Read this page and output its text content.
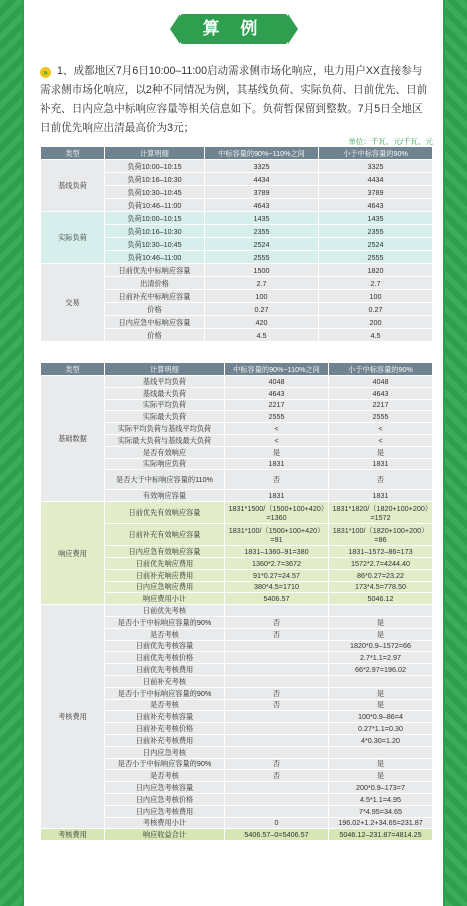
算 例
» 1、成都地区7月6日10:00–11:00启动需求侧市场化响应，电力用户XX直接参与需求侧市场化响应，以2种不同情况为例，其基线负荷、实际负荷、日前优先、日前补充、日内应急中标响应容量等相关信息如下。负荷暂保留到整数。7月5日全地区日前优先响应出清最高价为3元；
单位：千瓦、元/千瓦、元
类型	计算明细	中标容量的90%~110%之间	小于中标容量的90%
基线负荷	负荷10:00–10:15	3325	3325
	负荷10:16–10:30	4434	4434
	负荷10:30–10:45	3789	3789
	负荷10:46–11:00	4643	4643
实际负荷	负荷10:00–10:15	1435	1435
	负荷10:16–10:30	2355	2355
	负荷10:30–10:45	2524	2524
	负荷10:46–11:00	2555	2555
交易	日前优先中标响应容量	1500	1820
	出清价格	2.7	2.7
	日前补充中标响应容量	100	100
	价格	0.27	0.27
	日内应急中标响应容量	420	200
	价格	4.5	4.5
类型	计算明细	中标容量的90%~110%之间	小于中标容量的90%
基础数据	基线平均负荷	4048	4048
	基线最大负荷	4643	4643
	实际平均负荷	2217	2217
	实际最大负荷	2555	2555
	实际平均负荷与基线平均负荷	<	<
	实际最大负荷与基线最大负荷	<	<
	是否有效响应	是	是
	实际响应负荷	1831	1831
	是否大于中标响应容量的110%	否	否
	有效响应容量	1831	1831
响应费用	日前优先有效响应容量	1831*1500/（1500+100+420）=1360	1831*1820/（1820+100+200）=1572
	日前补充有效响应容量	1831*100/（1500+100+420）=91	1831*100/（1820+100+200）=86
	日内应急有效响应容量	1831–1360–91=380	1831–1572–86=173
	日前优先响应费用	1360*2.7=3672	1572*2.7=4244.40
	日前补充响应费用	91*0.27=24.57	86*0.27=23.22
	日内应急响应费用	380*4.5=1710	173*4.5=778.50
	响应费用小计	5406.57	5046.12
考核费用	日前优先考核		
	是否小于中标响应容量的90%	否	是
	是否考核	否	是
	日前优先考核容量		1820*0.9–1572=66
	日前优先考核价格		2.7*1.1=2.97
	日前优先考核费用		66*2.97=196.02
	日前补充考核		
	是否小于中标响应容量的90%	否	是
	是否考核	否	是
	日前补充考核容量		100*0.9–86=4
	日前补充考核价格		0.27*1.1=0.30
	日前补充考核费用		4*0.30=1.20
	日内应急考核		
	是否小于中标响应容量的90%	否	是
	是否考核	否	是
	日内应急考核容量		200*0.9–173=7
	日内应急考核价格		4.5*1.1=4.95
	日内应急考核费用		7*4.95=34.65
	考核费用小计	0	196.02+1.2+34.65=231.87
考核费用	响应收益合计	5406.57–0=5406.57	5046.12–231.87=4814.25
